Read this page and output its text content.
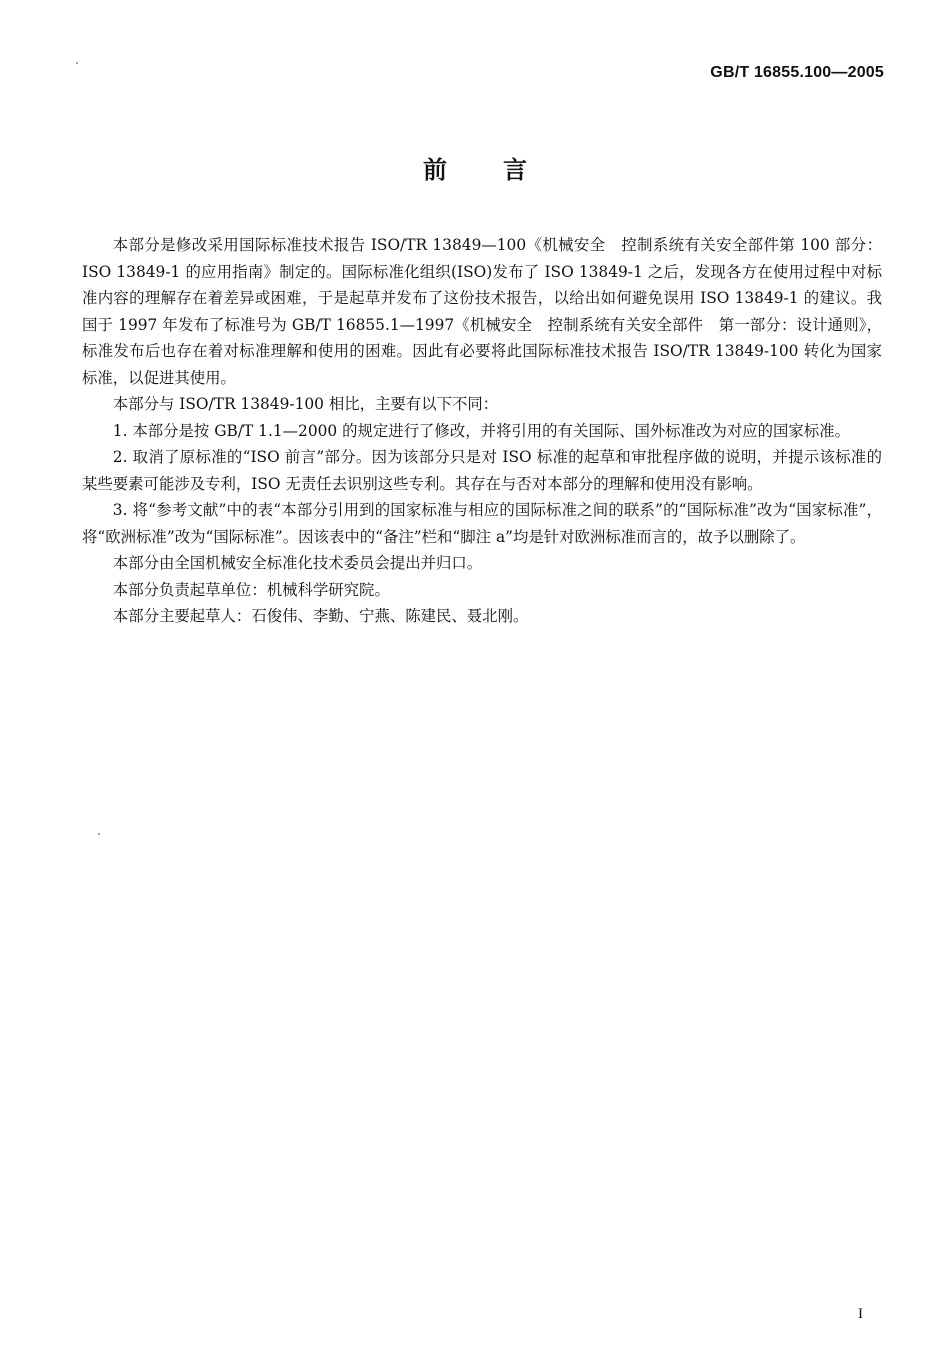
GB/T 16855.100—2005
前言

本部分是修改采用国际标准技术报告 ISO/TR 13849—100《机械安全　控制系统有关安全部件第 100 部分：ISO 13849-1 的应用指南》制定的。国际标准化组织(ISO)发布了 ISO 13849-1 之后，发现各方在使用过程中对标准内容的理解存在着差异或困难，于是起草并发布了这份技术报告，以给出如何避免误用 ISO 13849-1 的建议。我国于 1997 年发布了标准号为 GB/T 16855.1—1997《机械安全　控制系统有关安全部件　第一部分：设计通则》，标准发布后也存在着对标准理解和使用的困难。因此有必要将此国际标准技术报告 ISO/TR 13849-100 转化为国家标准，以促进其使用。

本部分与 ISO/TR 13849-100 相比，主要有以下不同：

1. 本部分是按 GB/T 1.1—2000 的规定进行了修改，并将引用的有关国际、国外标准改为对应的国家标准。

2. 取消了原标准的“ISO 前言”部分。因为该部分只是对 ISO 标准的起草和审批程序做的说明，并提示该标准的某些要素可能涉及专利，ISO 无责任去识别这些专利。其存在与否对本部分的理解和使用没有影响。

3. 将“参考文献”中的表“本部分引用到的国家标准与相应的国际标准之间的联系”的“国际标准”改为“国家标准”，将“欧洲标准”改为“国际标准”。因该表中的“备注”栏和“脚注 a”均是针对欧洲标准而言的，故予以删除了。

本部分由全国机械安全标准化技术委员会提出并归口。

本部分负责起草单位：机械科学研究院。

本部分主要起草人：石俊伟、李勤、宁燕、陈建民、聂北刚。

I
